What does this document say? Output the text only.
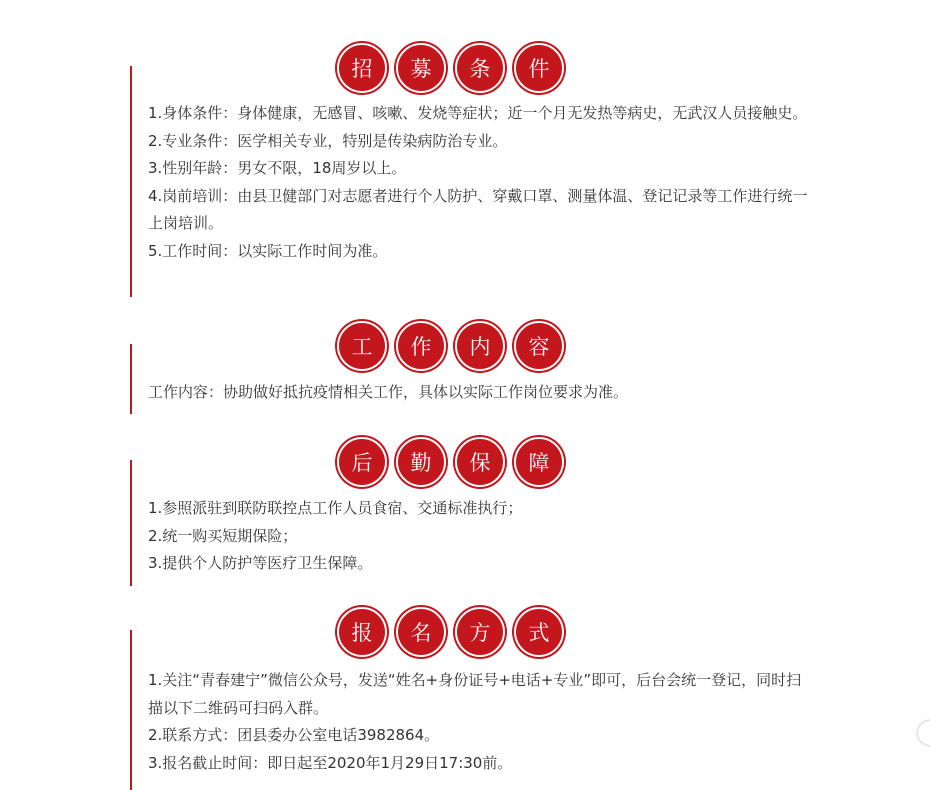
招	募	条	件

1.身体条件：身体健康，无感冒、咳嗽、发烧等症状；近一个月无发热等病史，无武汉人员接触史。

2.专业条件：医学相关专业，特别是传染病防治专业。

3.性别年龄：男女不限，18周岁以上。

4.岗前培训：由县卫健部门对志愿者进行个人防护、穿戴口罩、测量体温、登记记录等工作进行统一上岗培训。

5.工作时间：以实际工作时间为准。

工	作	内	容

工作内容：协助做好抵抗疫情相关工作，具体以实际工作岗位要求为准。

后	勤	保	障

1.参照派驻到联防联控点工作人员食宿、交通标准执行；

2.统一购买短期保险；

3.提供个人防护等医疗卫生保障。

报	名	方	式

1.关注“青春建宁”微信公众号，发送“姓名+身份证号+电话+专业”即可，后台会统一登记，同时扫描以下二维码可扫码入群。

2.联系方式：团县委办公室电话3982864。

3.报名截止时间：即日起至2020年1月29日17:30前。
